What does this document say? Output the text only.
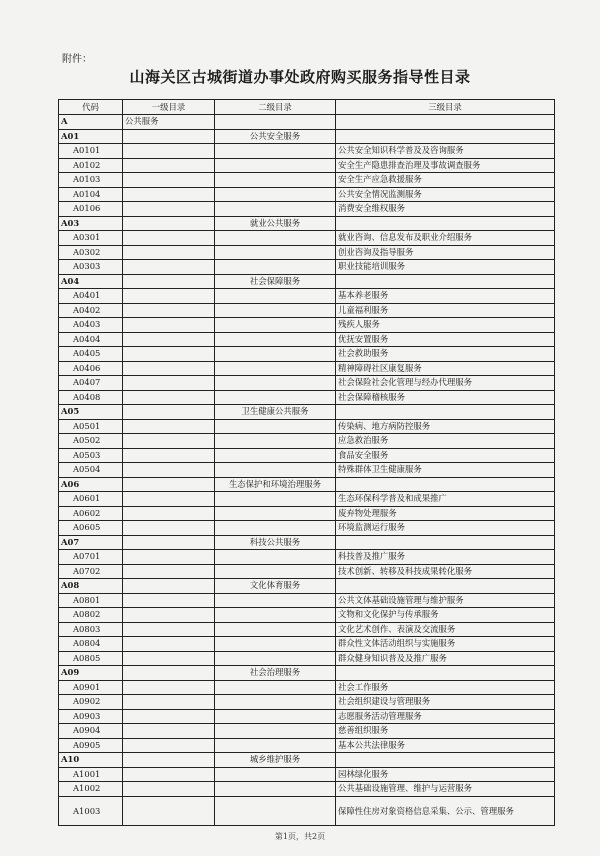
附件：
山海关区古城街道办事处政府购买服务指导性目录
代码	一级目录	二级目录	三级目录
A	公共服务		
A01		公共安全服务	
A0101			公共安全知识科学普及及咨询服务
A0102			安全生产隐患排查治理及事故调查服务
A0103			安全生产应急救援服务
A0104			公共安全情况监测服务
A0106			消费安全维权服务
A03		就业公共服务	
A0301			就业咨询、信息发布及职业介绍服务
A0302			创业咨询及指导服务
A0303			职业技能培训服务
A04		社会保障服务	
A0401			基本养老服务
A0402			儿童福利服务
A0403			残疾人服务
A0404			优抚安置服务
A0405			社会救助服务
A0406			精神障碍社区康复服务
A0407			社会保险社会化管理与经办代理服务
A0408			社会保障稽核服务
A05		卫生健康公共服务	
A0501			传染病、地方病防控服务
A0502			应急救治服务
A0503			食品安全服务
A0504			特殊群体卫生健康服务
A06		生态保护和环境治理服务	
A0601			生态环保科学普及和成果推广
A0602			废弃物处理服务
A0605			环境监测运行服务
A07		科技公共服务	
A0701			科技普及推广服务
A0702			技术创新、转移及科技成果转化服务
A08		文化体育服务	
A0801			公共文体基础设施管理与维护服务
A0802			文物和文化保护与传承服务
A0803			文化艺术创作、表演及交流服务
A0804			群众性文体活动组织与实施服务
A0805			群众健身知识普及及推广服务
A09		社会治理服务	
A0901			社会工作服务
A0902			社会组织建设与管理服务
A0903			志愿服务活动管理服务
A0904			慈善组织服务
A0905			基本公共法律服务
A10		城乡维护服务	
A1001			园林绿化服务
A1002			公共基础设施管理、维护与运营服务
A1003			保障性住房对象资格信息采集、公示、管理服务
第1页，共2页
